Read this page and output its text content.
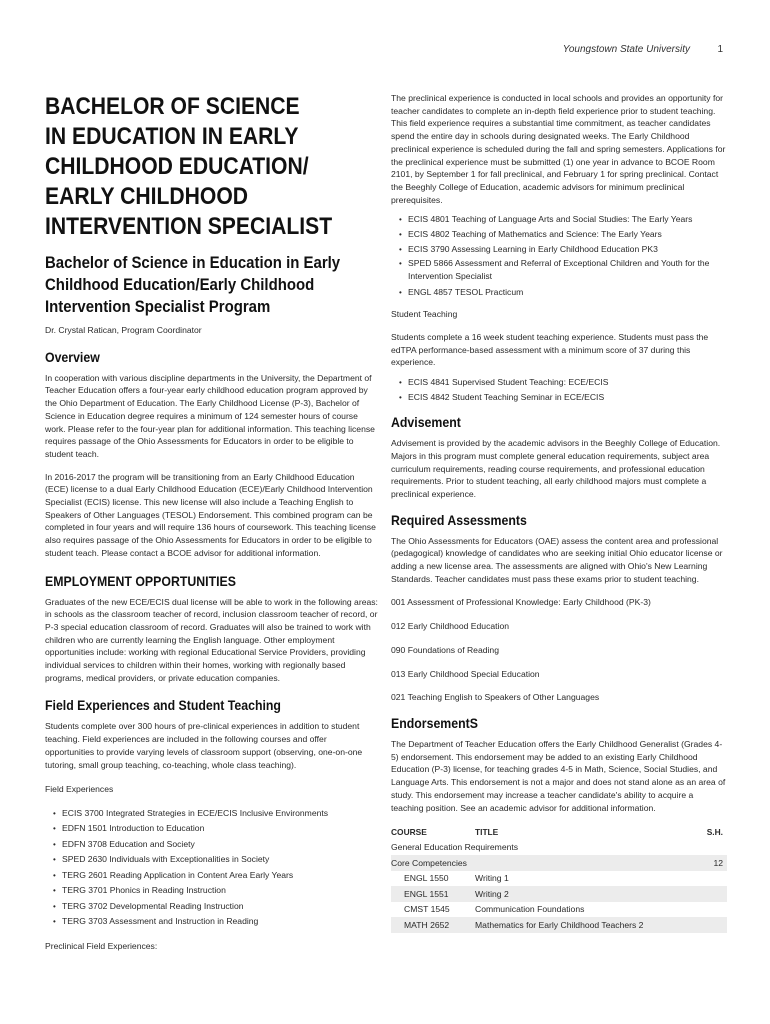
Youngstown State University	1
BACHELOR OF SCIENCE
IN EDUCATION IN EARLY
CHILDHOOD EDUCATION/
EARLY CHILDHOOD
INTERVENTION SPECIALIST
Bachelor of Science in Education in Early
Childhood Education/Early Childhood
Intervention Specialist Program

Dr. Crystal Ratican, Program Coordinator

Overview

In cooperation with various discipline departments in the University, the Department of Teacher Education offers a four-year early childhood education program approved by the Ohio Department of Education. The Early Childhood License (P-3), Bachelor of Science in Education degree requires a minimum of 124 semester hours of course work. Please refer to the four-year plan for additional information. This teaching license requires passage of the Ohio Assessments for Educators in order to be eligible to student teach.

In 2016-2017 the program will be transitioning from an Early Childhood Education (ECE) license to a dual Early Childhood Education (ECE)/Early Childhood Intervention Specialist (ECIS) license. This new license will also include a Teaching English to Speakers of Other Languages (TESOL) Endorsement. This combined program can be completed in four years and will require 136 hours of coursework. This teaching license also requires passage of the Ohio Assessments for Educators in order to be eligible to student teach. Please contact a BCOE advisor for additional information.

EMPLOYMENT OPPORTUNITIES

Graduates of the new ECE/ECIS dual license will be able to work in the following areas: in schools as the classroom teacher of record, inclusion classroom teacher of record, or P-3 special education classroom of record. Graduates will also be trained to work with children who are currently learning the English language. Other employment opportunities include: working with regional Educational Service Providers, providing individual services to children within their homes, working with regionally based programs, medical providers, or private education companies.

Field Experiences and Student Teaching

Students complete over 300 hours of pre-clinical experiences in addition to student teaching. Field experiences are included in the following courses and offer opportunities to provide varying levels of classroom support (observing, one-on-one tutoring, small group teaching, co-teaching, whole class teaching).

Field Experiences

• ECIS 3700 Integrated Strategies in ECE/ECIS Inclusive Environments
• EDFN 1501 Introduction to Education
• EDFN 3708 Education and Society
• SPED 2630 Individuals with Exceptionalities in Society
• TERG 2601 Reading Application in Content Area Early Years
• TERG 3701 Phonics in Reading Instruction
• TERG 3702 Developmental Reading Instruction
• TERG 3703 Assessment and Instruction in Reading

Preclinical Field Experiences:

The preclinical experience is conducted in local schools and provides an opportunity for teacher candidates to complete an in-depth field experience prior to student teaching. This field experience requires a substantial time commitment, as teacher candidates spend the entire day in schools during designated weeks. The Early Childhood preclinical experience is scheduled during the fall and spring semesters. Applications for the preclinical experience must be submitted (1) one year in advance to BCOE Room 2101, by September 1 for fall preclinical, and February 1 for spring preclinical. Contact the Beeghly College of Education, academic advisors for minimum preclinical prerequisites.

• ECIS 4801 Teaching of Language Arts and Social Studies: The Early Years
• ECIS 4802 Teaching of Mathematics and Science: The Early Years
• ECIS 3790 Assessing Learning in Early Childhood Education PK3
• SPED 5866 Assessment and Referral of Exceptional Children and Youth for the Intervention Specialist
• ENGL 4857 TESOL Practicum

Student Teaching

Students complete a 16 week student teaching experience. Students must pass the edTPA performance-based assessment with a minimum score of 37 during this experience.

• ECIS 4841 Supervised Student Teaching: ECE/ECIS
• ECIS 4842 Student Teaching Seminar in ECE/ECIS
Advisement

Advisement is provided by the academic advisors in the Beeghly College of Education. Majors in this program must complete general education requirements, subject area curriculum requirements, reading course requirements, and professional education requirements. Prior to student teaching, all early childhood majors must complete a preclinical experience.

Required Assessments

The Ohio Assessments for Educators (OAE) assess the content area and professional (pedagogical) knowledge of candidates who are seeking initial Ohio educator license or adding a new license area. The assessments are aligned with Ohio's New Learning Standards. Teacher candidates must pass these exams prior to student teaching.

001 Assessment of Professional Knowledge: Early Childhood (PK-3)

012 Early Childhood Education

090 Foundations of Reading

013 Early Childhood Special Education

021 Teaching English to Speakers of Other Languages

EndorsementS

The Department of Teacher Education offers the Early Childhood Generalist (Grades 4-5) endorsement. This endorsement may be added to an existing Early Childhood Education (P-3) license, for teaching grades 4-5 in Math, Science, Social Studies, and Language Arts. This endorsement is not a major and does not stand alone as an area of study. This endorsement may increase a teacher candidate's ability to acquire a teaching position. See an academic advisor for additional information.

COURSE	TITLE	S.H.
General Education Requirements		
Core Competencies		12
ENGL 1550	Writing 1	
ENGL 1551	Writing 2	
CMST 1545	Communication Foundations	
MATH 2652	Mathematics for Early Childhood Teachers 2	
